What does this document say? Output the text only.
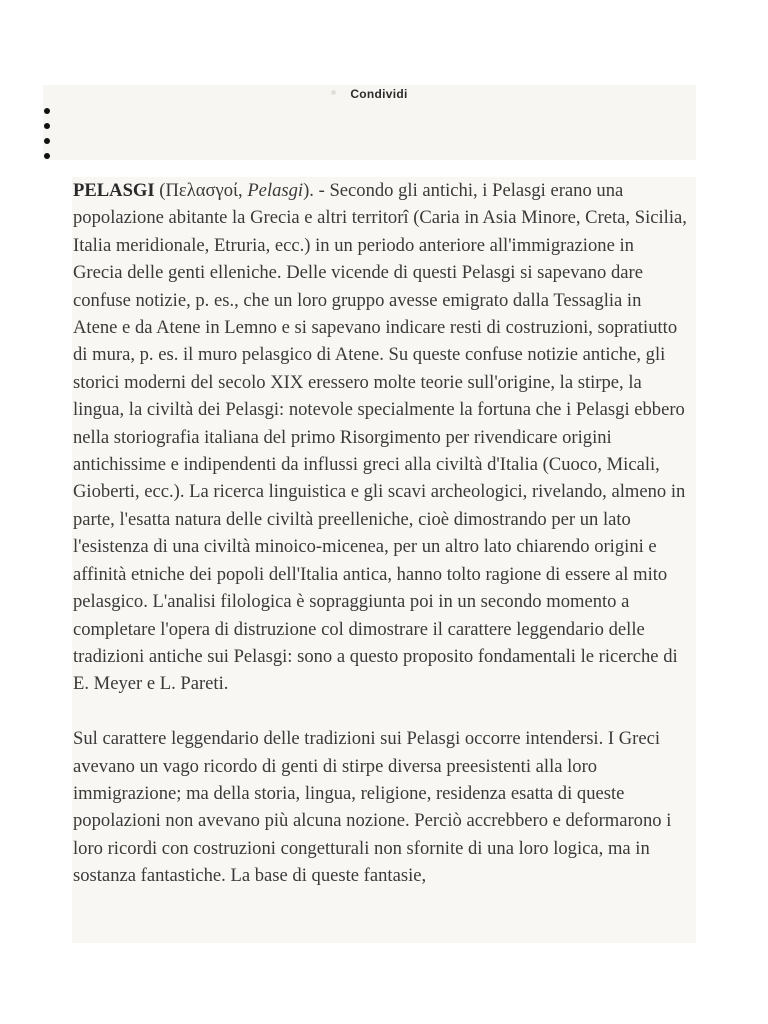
Condividi

PELASGI (Πελασγοί, Pelasgi). - Secondo gli antichi, i Pelasgi erano una popolazione abitante la Grecia e altri territorî (Caria in Asia Minore, Creta, Sicilia, Italia meridionale, Etruria, ecc.) in un periodo anteriore all'immigrazione in Grecia delle genti elleniche. Delle vicende di questi Pelasgi si sapevano dare confuse notizie, p. es., che un loro gruppo avesse emigrato dalla Tessaglia in Atene e da Atene in Lemno e si sapevano indicare resti di costruzioni, sopratiutto di mura, p. es. il muro pelasgico di Atene. Su queste confuse notizie antiche, gli storici moderni del secolo XIX eressero molte teorie sull'origine, la stirpe, la lingua, la civiltà dei Pelasgi: notevole specialmente la fortuna che i Pelasgi ebbero nella storiografia italiana del primo Risorgimento per rivendicare origini antichissime e indipendenti da influssi greci alla civiltà d'Italia (Cuoco, Micali, Gioberti, ecc.). La ricerca linguistica e gli scavi archeologici, rivelando, almeno in parte, l'esatta natura delle civiltà preelleniche, cioè dimostrando per un lato l'esistenza di una civiltà minoico-micenea, per un altro lato chiarendo origini e affinità etniche dei popoli dell'Italia antica, hanno tolto ragione di essere al mito pelasgico. L'analisi filologica è sopraggiunta poi in un secondo momento a completare l'opera di distruzione col dimostrare il carattere leggendario delle tradizioni antiche sui Pelasgi: sono a questo proposito fondamentali le ricerche di E. Meyer e L. Pareti.

Sul carattere leggendario delle tradizioni sui Pelasgi occorre intendersi. I Greci avevano un vago ricordo di genti di stirpe diversa preesistenti alla loro immigrazione; ma della storia, lingua, religione, residenza esatta di queste popolazioni non avevano più alcuna nozione. Perciò accrebbero e deformarono i loro ricordi con costruzioni congetturali non sfornite di una loro logica, ma in sostanza fantastiche. La base di queste fantasie,
